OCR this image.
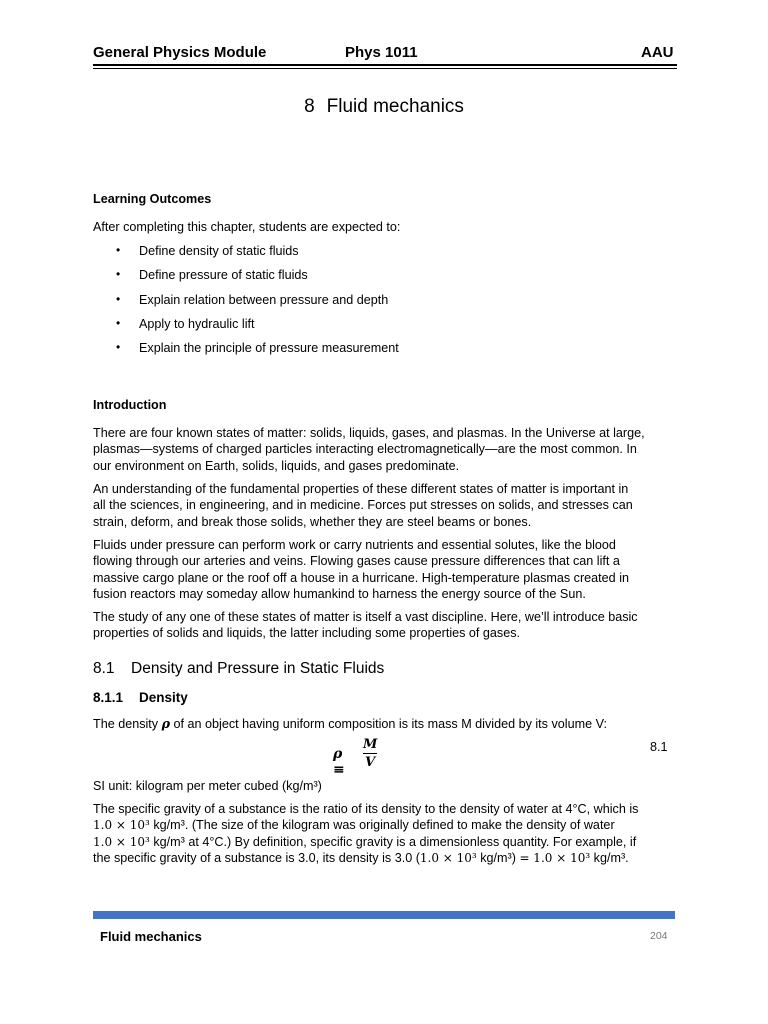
General Physics Module	Phys 1011	AAU
8 Fluid mechanics
Learning Outcomes
After completing this chapter, students are expected to:
• Define density of static fluids
• Define pressure of static fluids
• Explain relation between pressure and depth
• Apply to hydraulic lift
• Explain the principle of pressure measurement
Introduction
There are four known states of matter: solids, liquids, gases, and plasmas. In the Universe at large,
plasmas—systems of charged particles interacting electromagnetically—are the most common. In
our environment on Earth, solids, liquids, and gases predominate.
An understanding of the fundamental properties of these different states of matter is important in
all the sciences, in engineering, and in medicine. Forces put stresses on solids, and stresses can
strain, deform, and break those solids, whether they are steel beams or bones.
Fluids under pressure can perform work or carry nutrients and essential solutes, like the blood
flowing through our arteries and veins. Flowing gases cause pressure differences that can lift a
massive cargo plane or the roof off a house in a hurricane. High-temperature plasmas created in
fusion reactors may someday allow humankind to harness the energy source of the Sun.
The study of any one of these states of matter is itself a vast discipline. Here, we’ll introduce basic
properties of solids and liquids, the latter including some properties of gases.
8.1 Density and Pressure in Static Fluids
8.1.1 Density
The density ρ of an object having uniform composition is its mass M divided by its volume V:
ρ ≡
M
V
8.1
SI unit: kilogram per meter cubed (kg/m³)
The specific gravity of a substance is the ratio of its density to the density of water at 4°C, which is
1.0 × 10³ kg/m³. (The size of the kilogram was originally defined to make the density of water
1.0 × 10³ kg/m³ at 4°C.) By definition, specific gravity is a dimensionless quantity. For example, if
the specific gravity of a substance is 3.0, its density is 3.0 (1.0 × 10³ kg/m³) = 1.0 × 10³ kg/m³.
Fluid mechanics	204
